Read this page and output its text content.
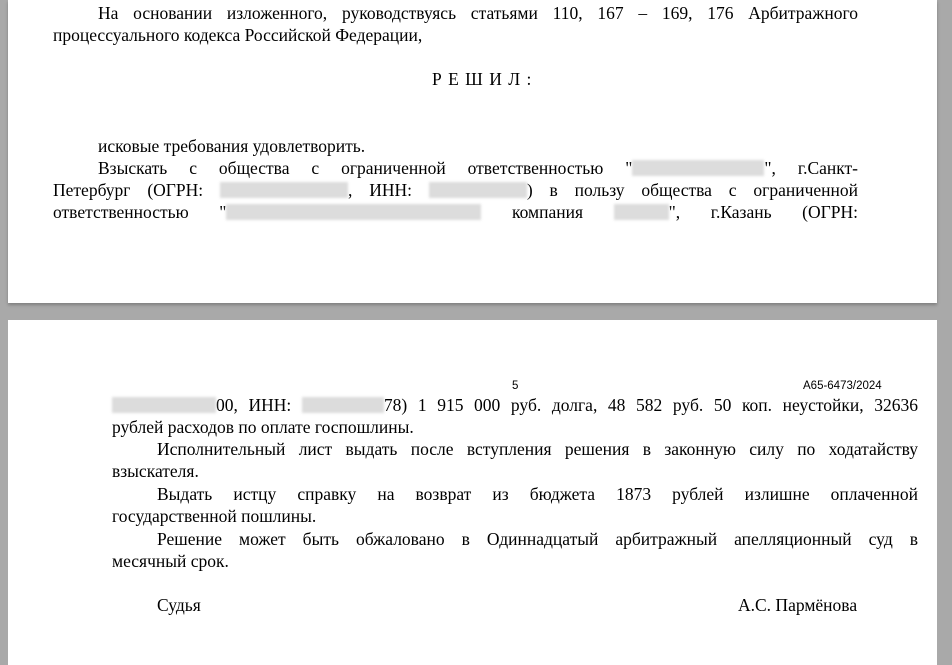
На основании изложенного, руководствуясь статьями 110, 167 – 169, 176 Арбитражного
процессуального кодекса Российской Федерации,
Р Е Ш И Л :
исковые требования удовлетворить.
Взыскать с общества с ограниченной ответственностью "	", г.Санкт-
Петербург (ОГРН:	, ИНН:	) в пользу общества с ограниченной
ответственностью "	компания	", г.Казань (ОГРН:
5	А65-6473/2024
00, ИНН:	78) 1 915 000 руб. долга, 48 582 руб. 50 коп. неустойки, 32636
рублей расходов по оплате госпошлины.
Исполнительный лист выдать после вступления решения в законную силу по ходатайству
взыскателя.
Выдать истцу справку на возврат из бюджета 1873 рублей излишне оплаченной
государственной пошлины.
Решение может быть обжаловано в Одиннадцатый арбитражный апелляционный суд в
месячный срок.
Судья	А.С. Пармёнова
